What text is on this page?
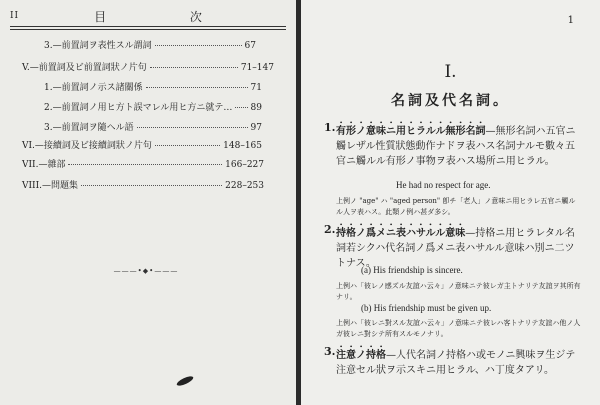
II	目 次
3.—前置詞ヲ表性スル謂詞	67
V.—前置詞及ビ前置詞狀ノ片句	71–147
1.—前置詞ノ示ス諸關係	71
2.—前置詞ノ用ヒ方ト誤マレル用ヒ方ニ就テ… 89
3.—前置詞ヲ隨ヘル語	97
VI.—接續詞及ビ接續詞狀ノ片句	148–165
VII.—雜部	166–227
VIII.—問題集	228–253
———•◆•———
1
I.
名詞及代名詞。
1. 有形ノ意味ニ用ヒラルル無形名詞—無形名詞ハ五官ニ觸レザル性質狀態動作ナドヲ表ハス名詞ナルモ數々五官ニ觸ルル有形ノ事物ヲ表ハス場所ニ用ヒラル。
He had no respect for age.
上例ノ "age" ハ "aged person" 卽チ「老人」ノ意味ニ用ヒラレ五官ニ觸ルル人ヲ表ハス。此類ノ例ハ甚ダ多シ。
2. 持格ノ爲メニ表ハサルル意味—持格ニ用ヒラレタル名詞若シクハ代名詞ノ爲メニ表ハサルル意味ハ別ニ二ツトナス。
(a) His friendship is sincere.
上例ハ「彼レノ感ズル友誼ハ云々」ノ意味ニテ彼レガ主トナリテ友誼ヲ其所有ナリ。
(b) His friendship must be given up.
上例ハ「彼レニ對スル友誼ハ云々」ノ意味ニテ彼レハ客トナリテ友誼ハ他ノ人ガ彼レニ對シテ所有スルモノナリ。
3. 注意ノ持格—人代名詞ノ持格ハ或モノニ興味ヲ生ジテ注意セル狀ヲ示スキニ用ヒラル、ハ丁度タアリ。
